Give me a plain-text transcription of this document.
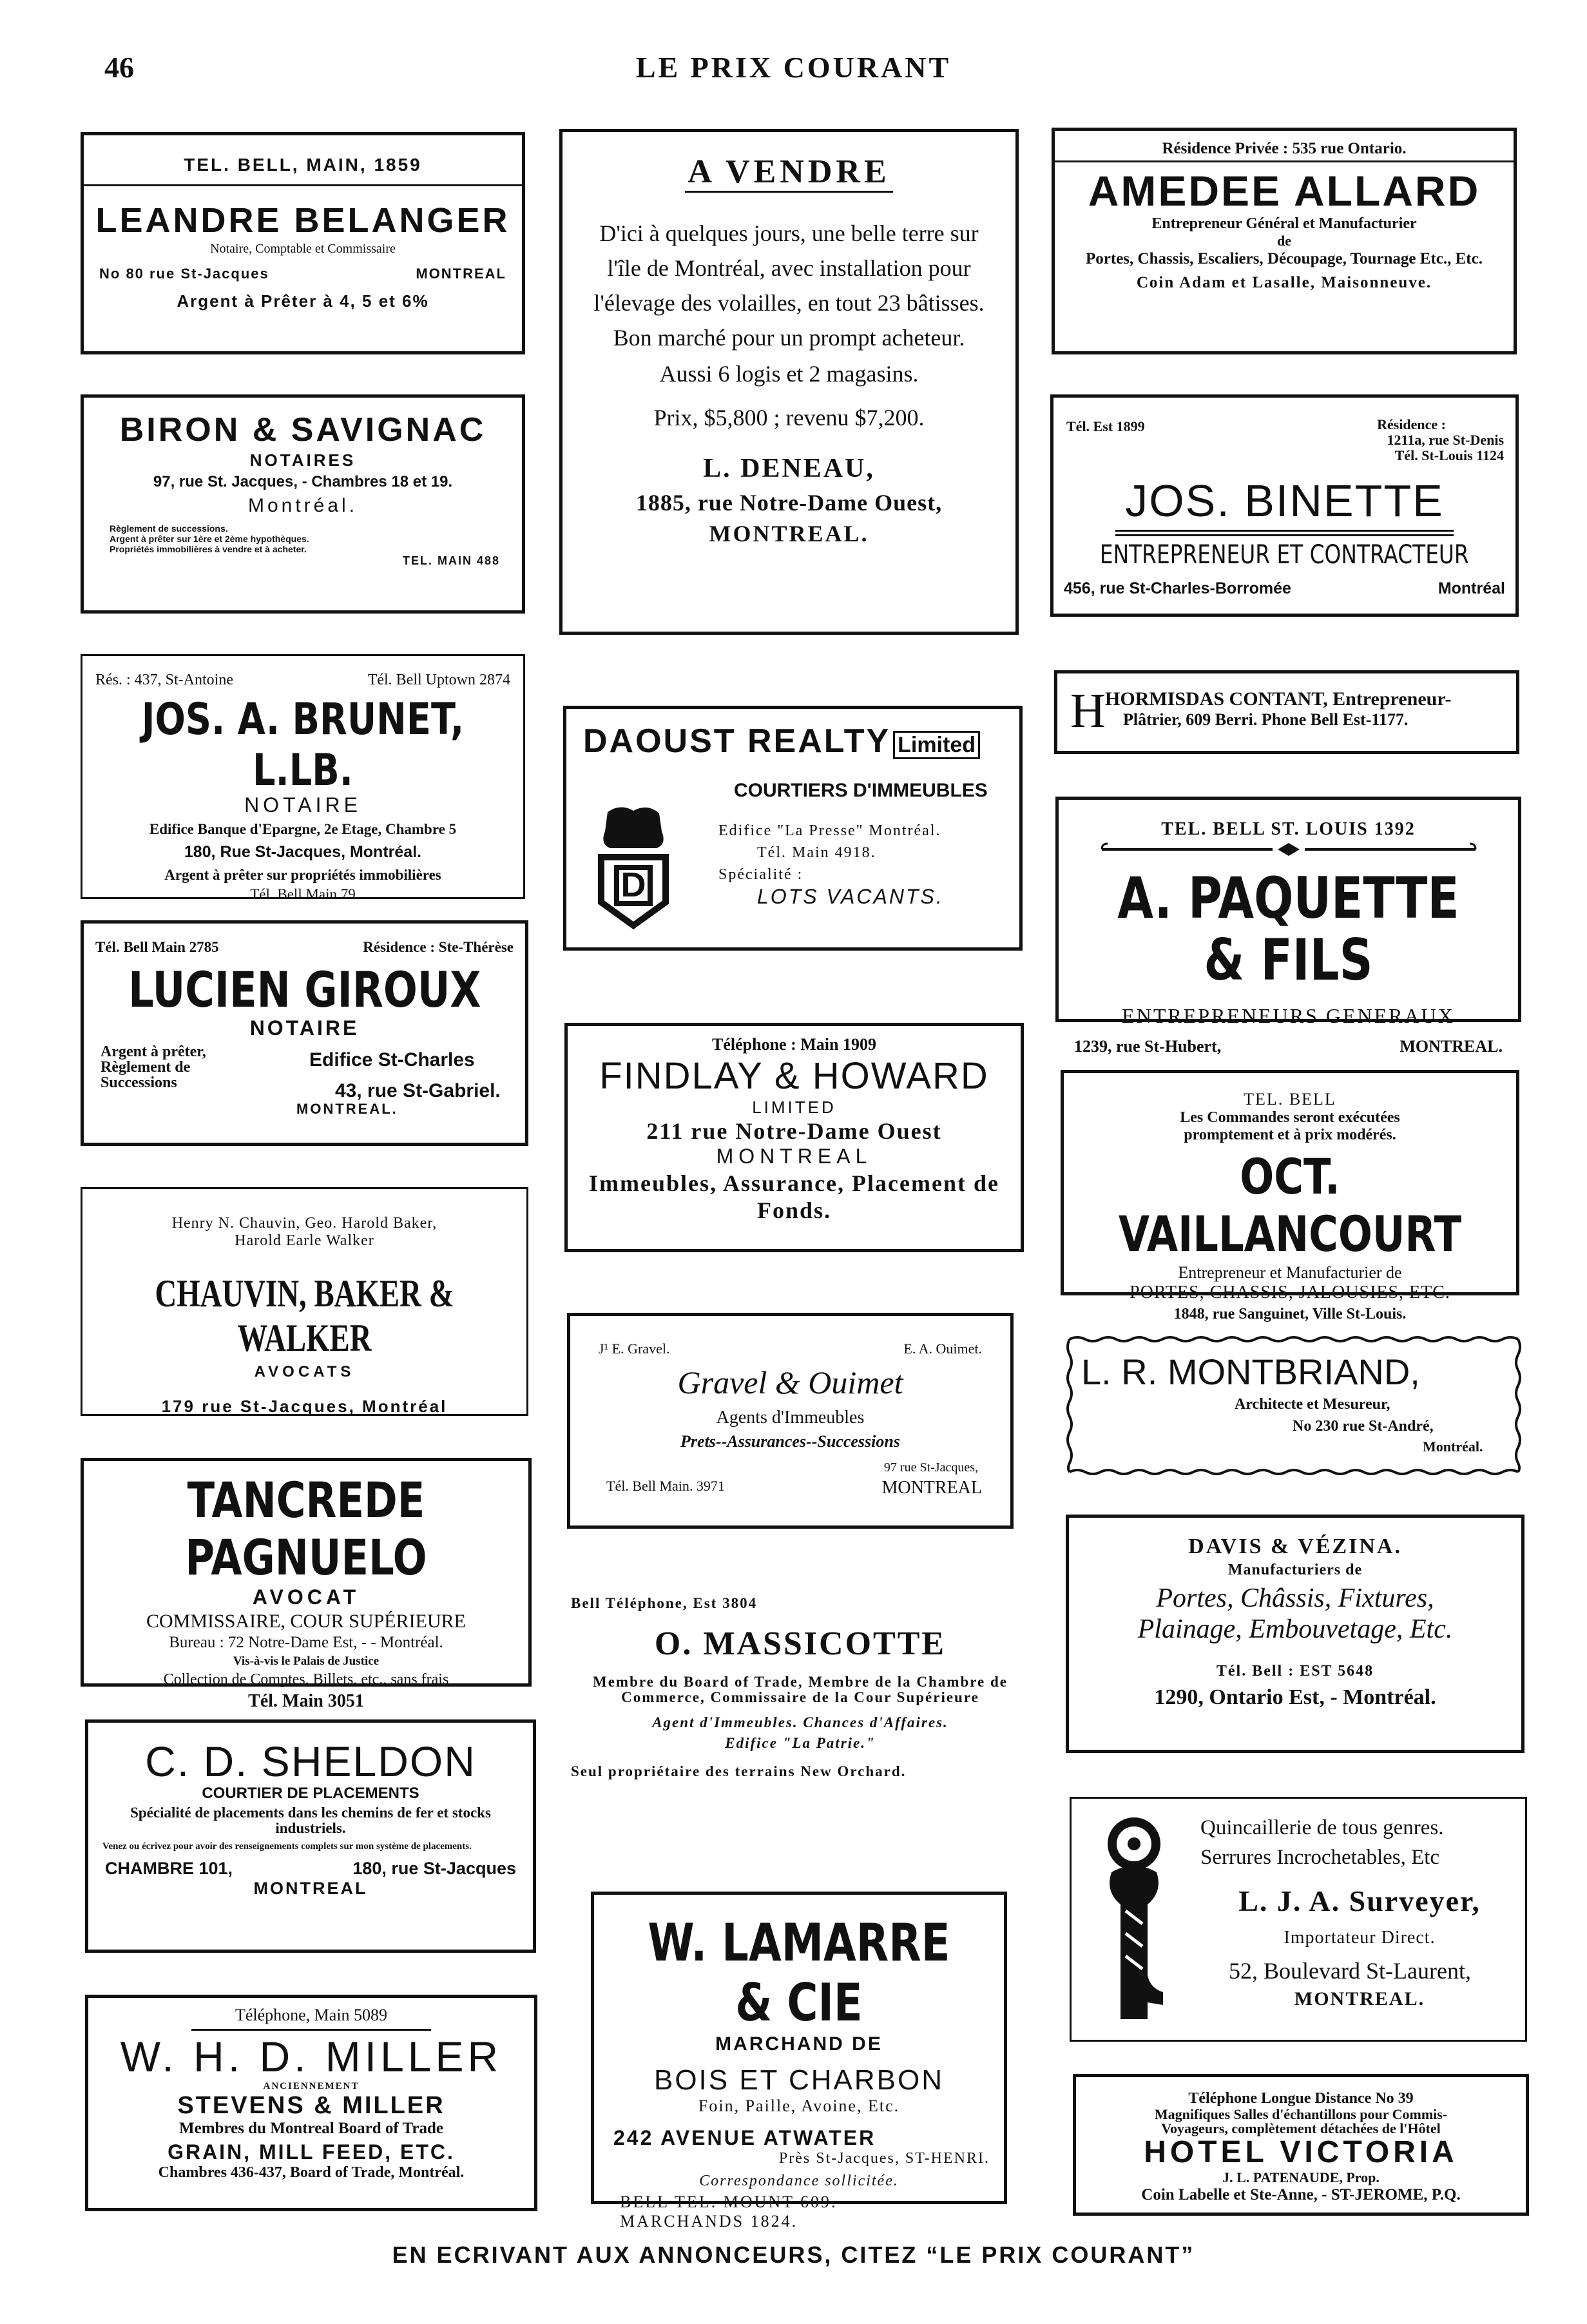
46	LE PRIX COURANT
TEL. BELL, MAIN, 1859
LEANDRE BELANGER
Notaire, Comptable et Commissaire
No 80 rue St-Jacques	MONTREAL
Argent à Prêter à 4, 5 et 6%
BIRON & SAVIGNAC
NOTAIRES
97, rue St. Jacques, - Chambres 18 et 19.
Montréal.
Règlement de successions.
Argent à prêter sur 1ère et 2ème hypothèques.
Propriétés immobilières à vendre et à acheter.
TEL. MAIN 488
Rés. : 437, St-Antoine	Tél. Bell Uptown 2874
JOS. A. BRUNET, L.LB.
NOTAIRE
Edifice Banque d'Epargne, 2e Etage, Chambre 5
180, Rue St-Jacques, Montréal.
Argent à prêter sur propriétés immobilières
Tél. Bell Main 79
Tél. Bell Main 2785	Résidence : Ste-Thérèse
LUCIEN GIROUX
NOTAIRE
Argent à prêter,
Règlement de
Successions
Edifice St-Charles
43, rue St-Gabriel.
MONTREAL.
Henry N. Chauvin, Geo. Harold Baker,
Harold Earle Walker
CHAUVIN, BAKER & WALKER
AVOCATS
179 rue St-Jacques, Montréal
TANCREDE PAGNUELO
AVOCAT
COMMISSAIRE, COUR SUPÉRIEURE
Bureau : 72 Notre-Dame Est, - - Montréal.
Vis-à-vis le Palais de Justice
Collection de Comptes, Billets, etc., sans frais
Tél. Main 3051
C. D. SHELDON
COURTIER DE PLACEMENTS
Spécialité de placements dans les chemins de fer et stocks industriels.
Venez ou écrivez pour avoir des renseignements complets sur mon système de placements.
CHAMBRE 101,	180, rue St-Jacques
MONTREAL
Téléphone, Main 5089
W. H. D. MILLER
ANCIENNEMENT
STEVENS & MILLER
Membres du Montreal Board of Trade
GRAIN, MILL FEED, ETC.
Chambres 436-437, Board of Trade, Montréal.
A VENDRE
D'ici à quelques jours, une belle terre sur l'île de Montréal, avec installation pour l'élevage des volailles, en tout 23 bâtisses. Bon marché pour un prompt acheteur.
Aussi 6 logis et 2 magasins.
Prix, $5,800 ; revenu $7,200.
L. DENEAU,
1885, rue Notre-Dame Ouest,
MONTREAL.
DAOUST REALTY Limited
D
COURTIERS D'IMMEUBLES
Edifice "La Presse" Montréal.
Tél. Main 4918.
Spécialité :
LOTS VACANTS.
Téléphone : Main 1909
FINDLAY & HOWARD
LIMITED
211 rue Notre-Dame Ouest
MONTREAL
Immeubles, Assurance, Placement de Fonds.
J¹ E. Gravel.	E. A. Ouimet.
Gravel & Ouimet
Agents d'Immeubles
Prets--Assurances--Successions
97 rue St-Jacques,
Tél. Bell Main. 3971	MONTREAL
Bell Téléphone, Est 3804
O. MASSICOTTE
Membre du Board of Trade, Membre de la Chambre de Commerce, Commissaire de la Cour Supérieure
Agent d'Immeubles. Chances d'Affaires.
Edifice "La Patrie."
Seul propriétaire des terrains New Orchard.
W. LAMARRE & CIE
MARCHAND DE
BOIS ET CHARBON
Foin, Paille, Avoine, Etc.
242 AVENUE ATWATER
Près St-Jacques, ST-HENRI.
Correspondance sollicitée.
BELL TEL. MOUNT 609.
MARCHANDS 1824.
Résidence Privée : 535 rue Ontario.
AMEDEE ALLARD
Entrepreneur Général et Manufacturier
de
Portes, Chassis, Escaliers, Découpage, Tournage Etc., Etc.
Coin Adam et Lasalle, Maisonneuve.
Tél. Est 1899	Résidence :
1211a, rue St-Denis
Tél. St-Louis 1124
JOS. BINETTE
ENTREPRENEUR ET CONTRACTEUR
456, rue St-Charles-Borromée	Montréal
H HORMISDAS CONTANT, Entrepreneur-
Plâtrier, 609 Berri. Phone Bell Est-1177.
TEL. BELL ST. LOUIS 1392
A. PAQUETTE & FILS
ENTREPRENEURS GENERAUX
1239, rue St-Hubert,	MONTREAL.
TEL. BELL
Les Commandes seront exécutées
promptement et à prix modérés.
OCT. VAILLANCOURT
Entrepreneur et Manufacturier de
PORTES, CHASSIS, JALOUSIES, ETC.
1848, rue Sanguinet, Ville St-Louis.
L. R. MONTBRIAND,
Architecte et Mesureur,
No 230 rue St-André,
Montréal.
DAVIS & VÉZINA.
Manufacturiers de
Portes, Châssis, Fixtures,
Plainage, Embouvetage, Etc.
Tél. Bell : EST 5648
1290, Ontario Est, - Montréal.
Quincaillerie de tous genres.
Serrures Incrochetables, Etc
L. J. A. Surveyer,
Importateur Direct.
52, Boulevard St-Laurent,
MONTREAL.
Téléphone Longue Distance No 39
Magnifiques Salles d'échantillons pour Commis-
Voyageurs, complètement détachées de l'Hôtel
HOTEL VICTORIA
J. L. PATENAUDE, Prop.
Coin Labelle et Ste-Anne, - ST-JEROME, P.Q.
EN ECRIVANT AUX ANNONCEURS, CITEZ “LE PRIX COURANT”
